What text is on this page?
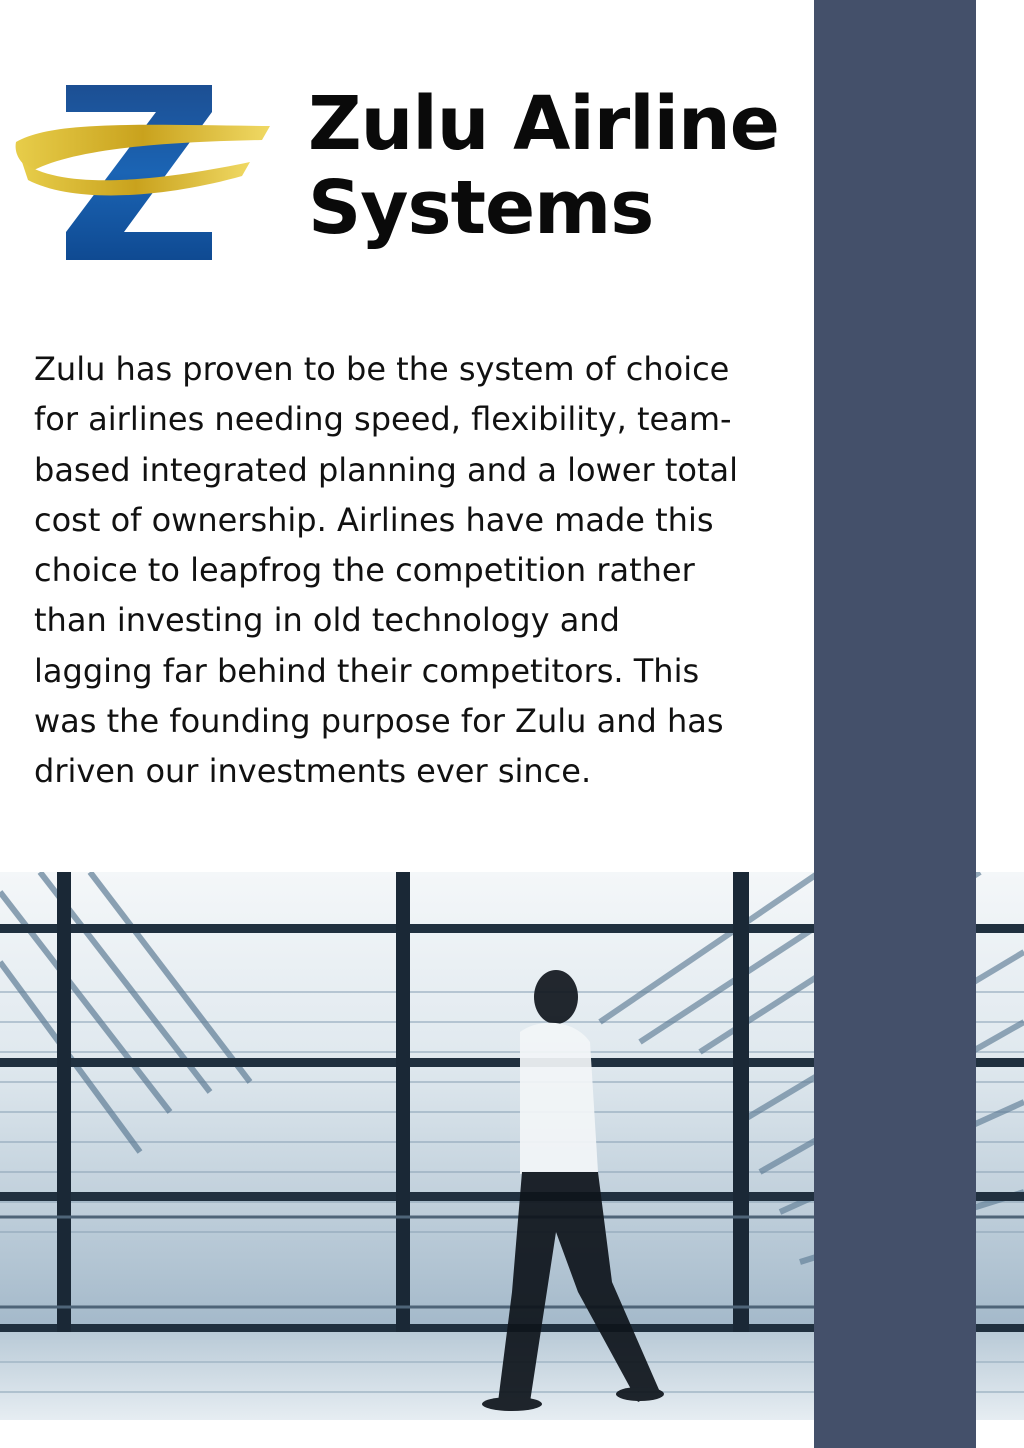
Zulu Airline
Systems

Zulu has proven to be the system of choice
for airlines needing speed, flexibility, team-
based integrated planning and a lower total
cost of ownership. Airlines have made this
choice to leapfrog the competition rather
than investing in old technology and
lagging far behind their competitors. This
was the founding purpose for Zulu and has
driven our investments ever since.
